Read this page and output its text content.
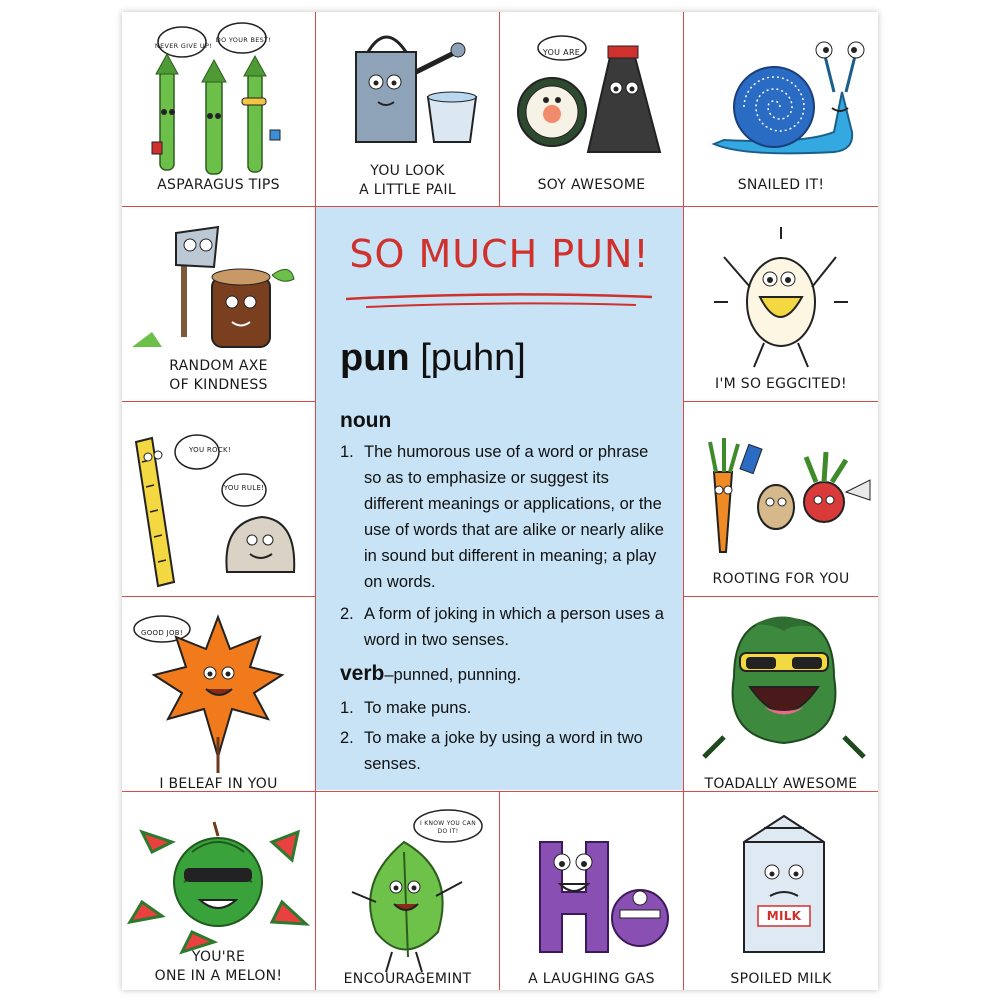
NEVER GIVE UP!
DO YOUR BEST!
ASPARAGUS TIPS
YOU LOOK
A LITTLE PAIL
YOU ARE
SOY AWESOME	SNAILED IT!
RANDOM AXE
OF KINDNESS	I'M SO EGGCITED!
YOU ROCK!
YOU RULE!
ROOTING FOR YOU
GOOD JOB!
I BELEAF IN YOU	TOADALLY AWESOME
YOU'RE
ONE IN A MELON!
I KNOW YOU CAN DO IT!
ENCOURAGEMINT	A LAUGHING GAS
MILK
SPOILED MILK
SO MUCH PUN!
pun [puhn]
noun
1. The humorous use of a word or phrase so as to emphasize or suggest its different meanings or applications, or the use of words that are alike or nearly alike in sound but different in meaning; a play on words.
2. A form of joking in which a person uses a word in two senses.
verb–punned, punning.
1. To make puns.
2. To make a joke by using a word in two senses.
